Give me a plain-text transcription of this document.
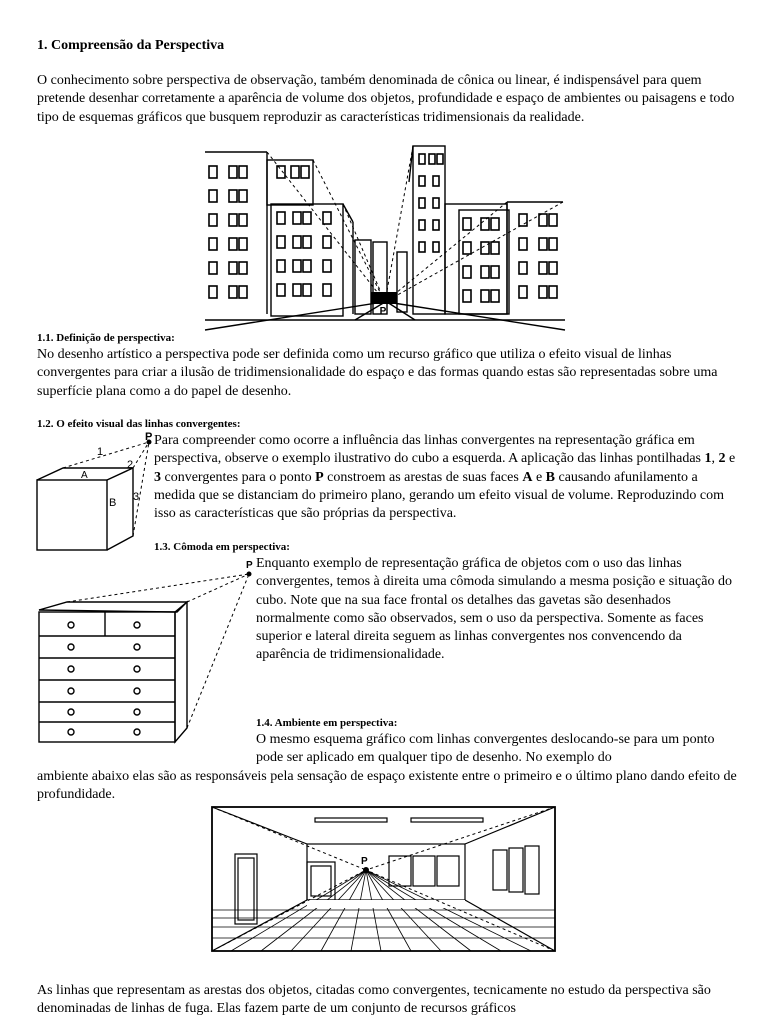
1. Compreensão da Perspectiva
O conhecimento sobre perspectiva de observação, também denominada de cônica ou linear, é indispensável para quem pretende desenhar corretamente a aparência de volume dos objetos, profundidade e espaço de ambientes ou paisagens e todo tipo de esquemas gráficos que busquem reproduzir as características tridimensionais da realidade.
P
1.1. Definição de perspectiva:
No desenho artístico a perspectiva pode ser definida como um recurso gráfico que utiliza o efeito visual de linhas convergentes para criar a ilusão de tridimensionalidade do espaço e das formas quando estas são representadas sobre uma superfície plana como a do papel de desenho.
1.2. O efeito visual das linhas convergentes:
P
1
2
3
A
B
Para compreender como ocorre a influência das linhas convergentes na representação gráfica em perspectiva, observe o exemplo ilustrativo do cubo a esquerda. A aplicação das linhas pontilhadas 1, 2 e 3 convergentes para o ponto P constroem as arestas de suas faces A e B causando afunilamento a medida que se distanciam do primeiro plano, gerando um efeito visual de volume. Reproduzindo com isso as características que são próprias da perspectiva.
1.3. Cômoda em perspectiva:
P Enquanto exemplo de representação gráfica de objetos com o uso das linhas convergentes, temos à direita uma cômoda simulando a mesma posição e situação do cubo. Note que na sua face frontal os detalhes das gavetas são desenhados normalmente como são observados, sem o uso da perspectiva. Somente as faces superior e lateral direita seguem as linhas convergentes nos convencendo da aparência de tridimensionalidade.
1.4. Ambiente em perspectiva:
O mesmo esquema gráfico com linhas convergentes deslocando-se para um ponto pode ser aplicado em qualquer tipo de desenho. No exemplo do
ambiente abaixo elas são as responsáveis pela sensação de espaço existente entre o primeiro e o último plano dando efeito de profundidade.
P
As linhas que representam as arestas dos objetos, citadas como convergentes, tecnicamente no estudo da perspectiva são denominadas de linhas de fuga. Elas fazem parte de um conjunto de recursos gráficos
